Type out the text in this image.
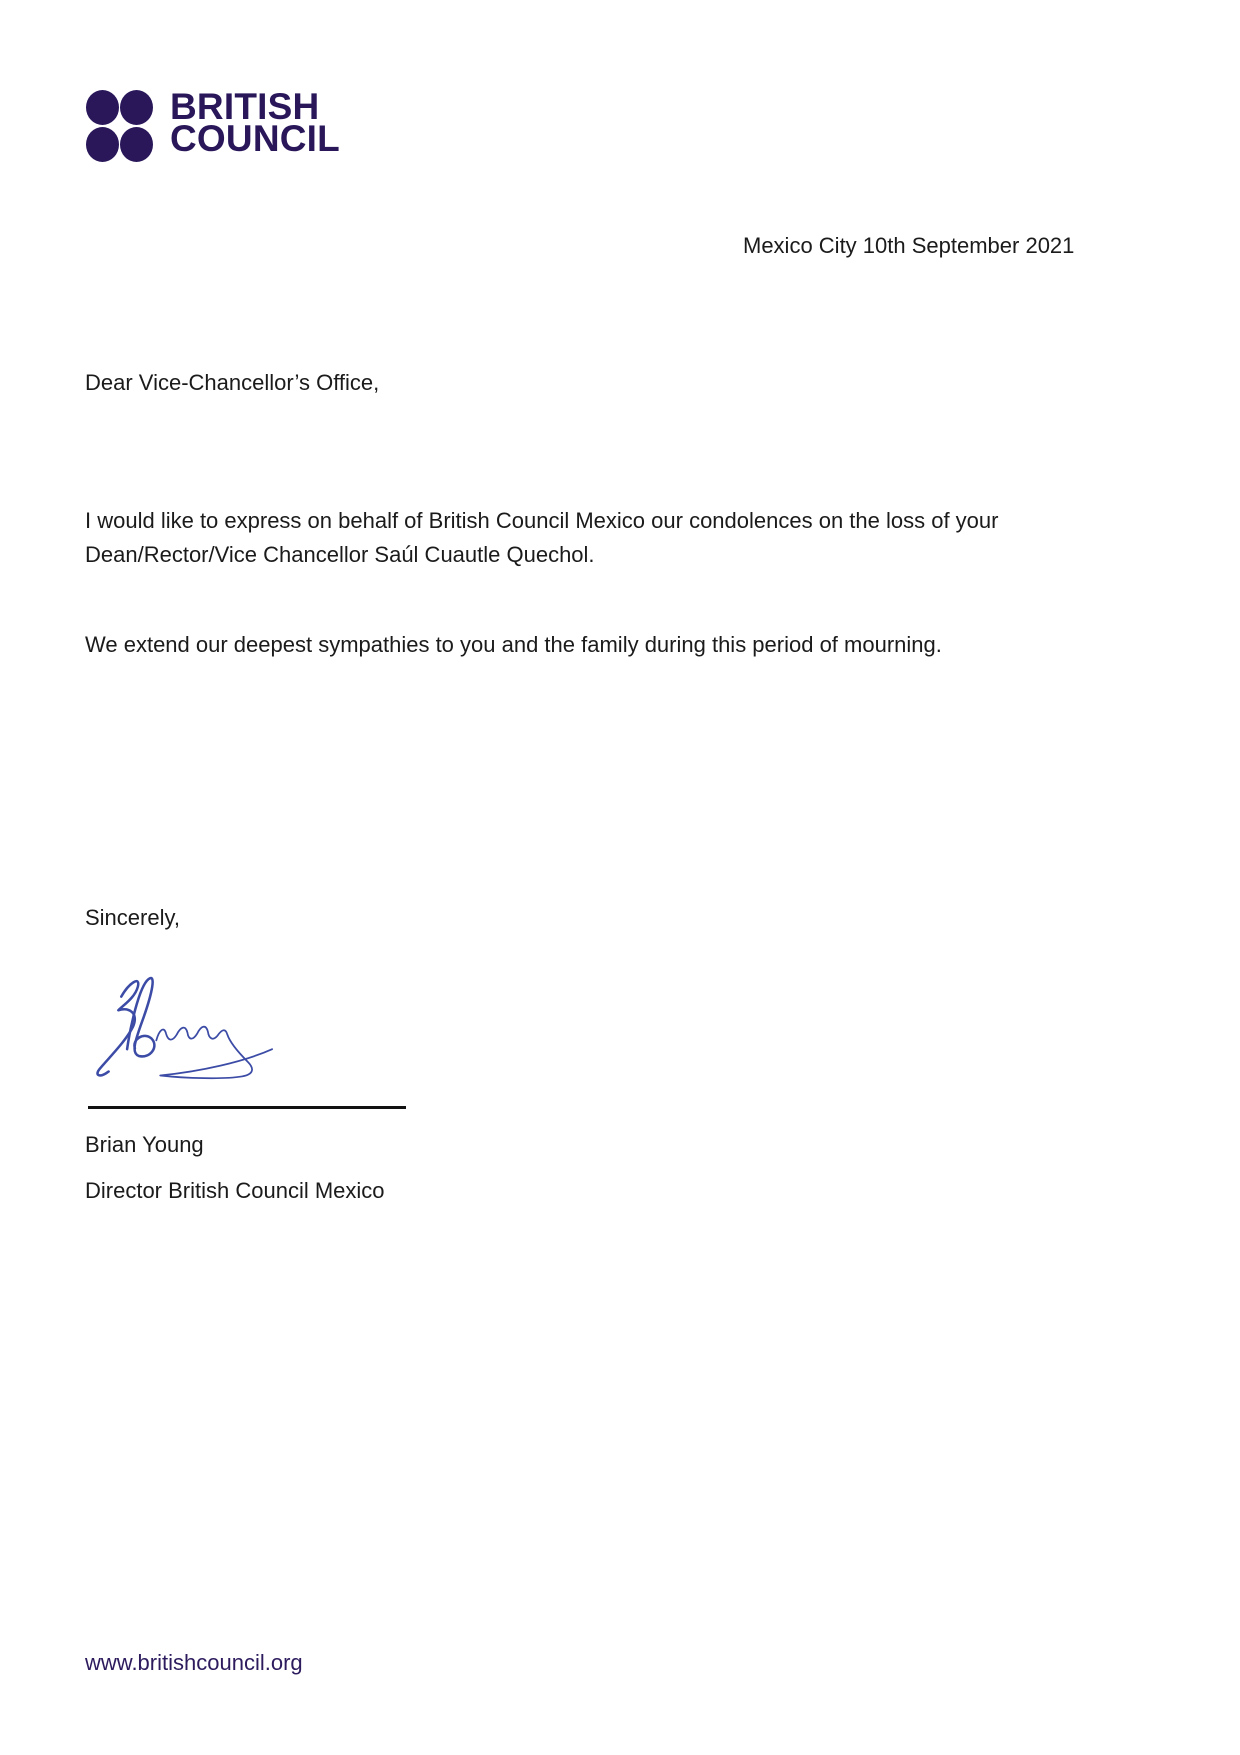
BRITISH
COUNCIL
Mexico City 10th September 2021
Dear Vice-Chancellor’s Office,
I would like to express on behalf of British Council Mexico our condolences on the loss of your Dean/Rector/Vice Chancellor Saúl Cuautle Quechol.
We extend our deepest sympathies to you and the family during this period of mourning.
Sincerely,
Brian Young
Director British Council Mexico
www.britishcouncil.org
